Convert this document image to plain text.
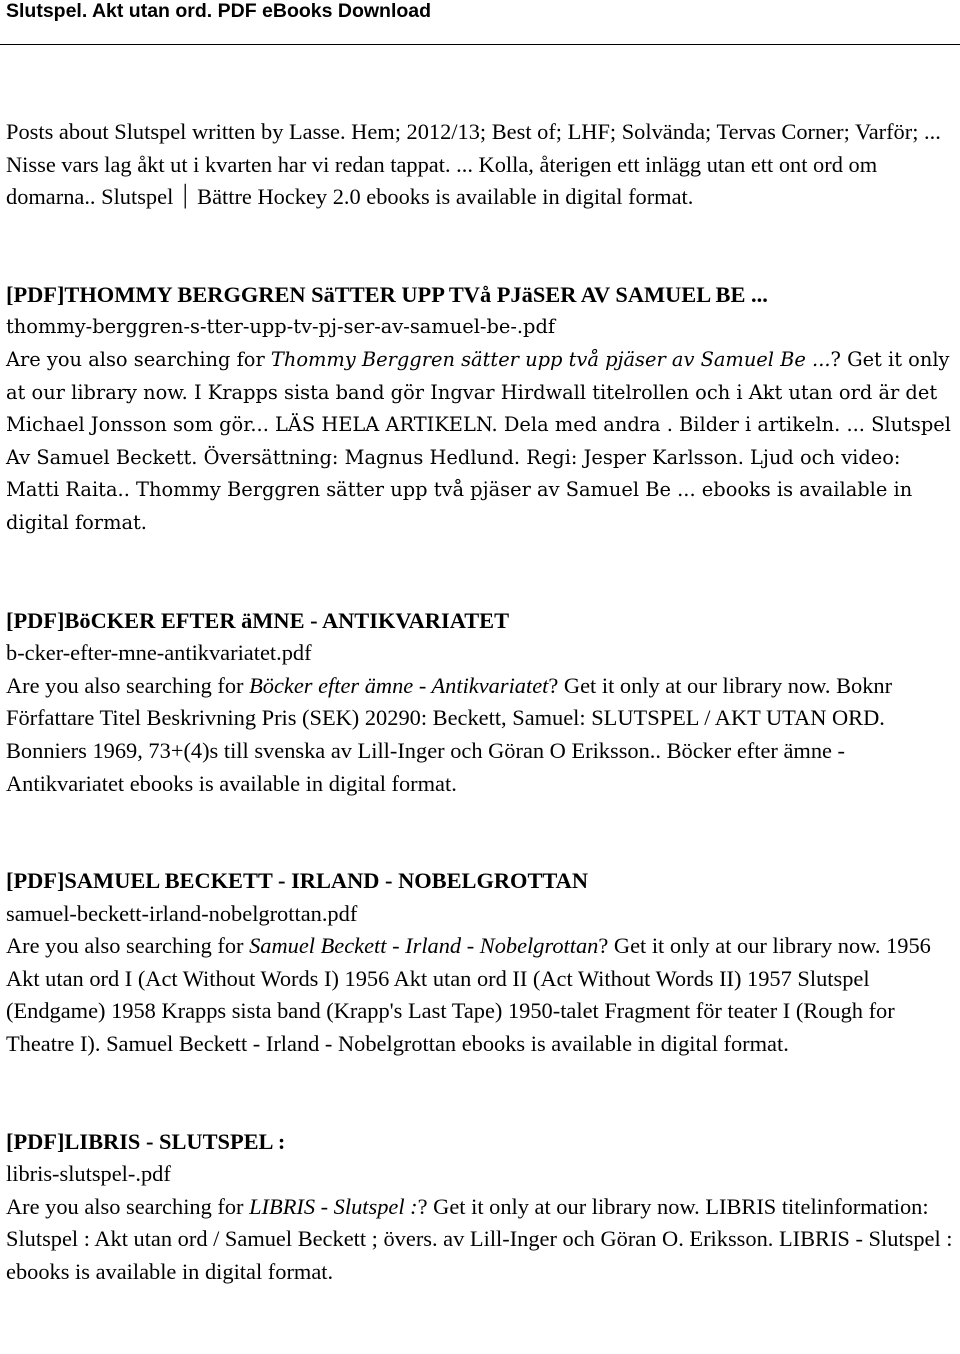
Slutspel. Akt utan ord. PDF eBooks Download

Posts about Slutspel written by Lasse. Hem; 2012/13; Best of; LHF; Solvända; Tervas Corner; Varför; ... Nisse vars lag åkt ut i kvarten har vi redan tappat. ... Kolla, återigen ett inlägg utan ett ont ord om domarna.. Slutspel ⏐ Bättre Hockey 2.0 ebooks is available in digital format.

[PDF]THOMMY BERGGREN SäTTER UPP TVå PJäSER AV SAMUEL BE ...

thommy-berggren-s-tter-upp-tv-pj-ser-av-samuel-be-.pdf

Are you also searching for Thommy Berggren sätter upp två pjäser av Samuel Be ...? Get it only at our library now. I Krapps sista band gör Ingvar Hirdwall titelrollen och i Akt utan ord är det Michael Jonsson som gör... LÄS HELA ARTIKELN. Dela med andra . Bilder i artikeln. ... Slutspel Av Samuel Beckett. Översättning: Magnus Hedlund. Regi: Jesper Karlsson. Ljud och video: Matti Raita.. Thommy Berggren sätter upp två pjäser av Samuel Be ... ebooks is available in digital format.

[PDF]BöCKER EFTER äMNE - ANTIKVARIATET

b-cker-efter-mne-antikvariatet.pdf

Are you also searching for Böcker efter ämne - Antikvariatet? Get it only at our library now. Boknr Författare Titel Beskrivning Pris (SEK) 20290: Beckett, Samuel: SLUTSPEL / AKT UTAN ORD. Bonniers 1969, 73+(4)s till svenska av Lill-Inger och Göran O Eriksson.. Böcker efter ämne - Antikvariatet ebooks is available in digital format.

[PDF]SAMUEL BECKETT - IRLAND - NOBELGROTTAN

samuel-beckett-irland-nobelgrottan.pdf

Are you also searching for Samuel Beckett - Irland - Nobelgrottan? Get it only at our library now. 1956 Akt utan ord I (Act Without Words I) 1956 Akt utan ord II (Act Without Words II) 1957 Slutspel (Endgame) 1958 Krapps sista band (Krapp's Last Tape) 1950-talet Fragment för teater I (Rough for Theatre I). Samuel Beckett - Irland - Nobelgrottan ebooks is available in digital format.

[PDF]LIBRIS - SLUTSPEL :

libris-slutspel-.pdf

Are you also searching for LIBRIS - Slutspel :? Get it only at our library now. LIBRIS titelinformation: Slutspel : Akt utan ord / Samuel Beckett ; övers. av Lill-Inger och Göran O. Eriksson. LIBRIS - Slutspel : ebooks is available in digital format.
